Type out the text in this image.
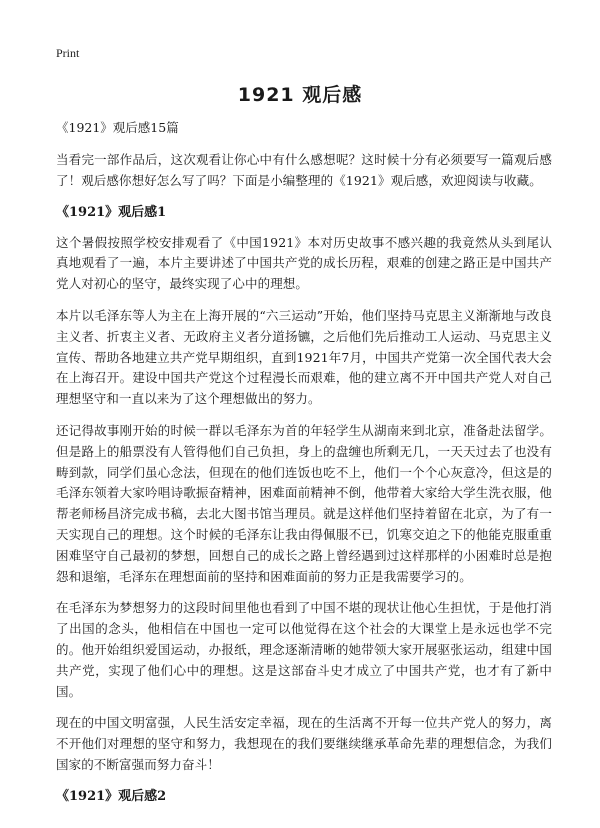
Print
1921 观后感

《1921》观后感15篇

当看完一部作品后，这次观看让你心中有什么感想呢？这时候十分有必须要写一篇观后感了！观后感你想好怎么写了吗？下面是小编整理的《1921》观后感，欢迎阅读与收藏。

《1921》观后感1

这个暑假按照学校安排观看了《中国1921》本对历史故事不感兴趣的我竟然从头到尾认真地观看了一遍，本片主要讲述了中国共产党的成长历程，艰难的创建之路正是中国共产党人对初心的坚守，最终实现了心中的理想。

本片以毛泽东等人为主在上海开展的“六三运动”开始，他们坚持马克思主义渐渐地与改良主义者、折衷主义者、无政府主义者分道扬镳，之后他们先后推动工人运动、马克思主义宣传、帮助各地建立共产党早期组织，直到1921年7月，中国共产党第一次全国代表大会在上海召开。建设中国共产党这个过程漫长而艰难，他的建立离不开中国共产党人对自己理想坚守和一直以来为了这个理想做出的努力。

还记得故事刚开始的时候一群以毛泽东为首的年轻学生从湖南来到北京，准备赴法留学。但是路上的船票没有人管得他们自己负担，身上的盘缠也所剩无几，一天天过去了也没有畴到款，同学们虽心念法，但现在的他们连饭也吃不上，他们一个个心灰意冷，但这是的毛泽东领着大家吟唱诗歌振奋精神，困难面前精神不倒，他带着大家给大学生洗衣服，他帮老师杨昌济完成书稿，去北大图书馆当理员。就是这样他们坚持着留在北京，为了有一天实现自己的理想。这个时候的毛泽东让我由得佩服不已，饥寒交迫之下的他能克服重重困难坚守自己最初的梦想，回想自己的成长之路上曾经遇到过这样那样的小困难时总是抱怨和退缩，毛泽东在理想面前的坚持和困难面前的努力正是我需要学习的。

在毛泽东为梦想努力的这段时间里他也看到了中国不堪的现状让他心生担忧，于是他打消了出国的念头，他相信在中国也一定可以他觉得在这个社会的大课堂上是永远也学不完的。他开始组织爱国运动，办报纸，理念逐渐清晰的她带领大家开展驱张运动，组建中国共产党，实现了他们心中的理想。这是这部奋斗史才成立了中国共产党，也才有了新中国。

现在的中国文明富强，人民生活安定幸福，现在的生活离不开每一位共产党人的努力，离不开他们对理想的坚守和努力，我想现在的我们要继续继承革命先辈的理想信念，为我们国家的不断富强而努力奋斗！

《1921》观后感2
